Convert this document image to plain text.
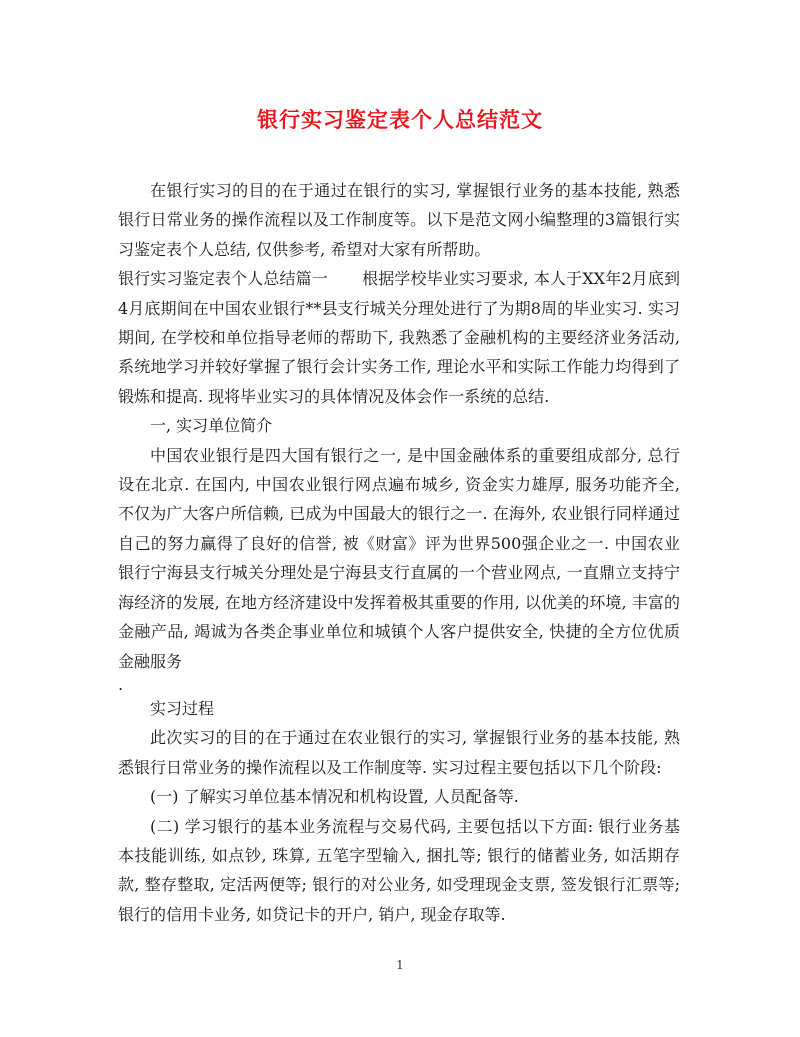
银行实习鉴定表个人总结范文

在银行实习的目的在于通过在银行的实习, 掌握银行业务的基本技能, 熟悉银行日常业务的操作流程以及工作制度等。以下是范文网小编整理的3篇银行实习鉴定表个人总结, 仅供参考, 希望对大家有所帮助。

银行实习鉴定表个人总结篇一 根据学校毕业实习要求, 本人于XX年2月底到4月底期间在中国农业银行**县支行城关分理处进行了为期8周的毕业实习. 实习期间, 在学校和单位指导老师的帮助下, 我熟悉了金融机构的主要经济业务活动, 系统地学习并较好掌握了银行会计实务工作, 理论水平和实际工作能力均得到了锻炼和提高. 现将毕业实习的具体情况及体会作一系统的总结.

一, 实习单位简介

中国农业银行是四大国有银行之一, 是中国金融体系的重要组成部分, 总行设在北京. 在国内, 中国农业银行网点遍布城乡, 资金实力雄厚, 服务功能齐全, 不仅为广大客户所信赖, 已成为中国最大的银行之一. 在海外, 农业银行同样通过自己的努力赢得了良好的信誉, 被《财富》评为世界500强企业之一. 中国农业银行宁海县支行城关分理处是宁海县支行直属的一个营业网点, 一直鼎立支持宁海经济的发展, 在地方经济建设中发挥着极其重要的作用, 以优美的环境, 丰富的金融产品, 竭诚为各类企事业单位和城镇个人客户提供安全, 快捷的全方位优质金融服务

.

实习过程

此次实习的目的在于通过在农业银行的实习, 掌握银行业务的基本技能, 熟悉银行日常业务的操作流程以及工作制度等. 实习过程主要包括以下几个阶段:

(一) 了解实习单位基本情况和机构设置, 人员配备等.

(二) 学习银行的基本业务流程与交易代码, 主要包括以下方面: 银行业务基本技能训练, 如点钞, 珠算, 五笔字型输入, 捆扎等; 银行的储蓄业务, 如活期存款, 整存整取, 定活两便等; 银行的对公业务, 如受理现金支票, 签发银行汇票等; 银行的信用卡业务, 如贷记卡的开户, 销户, 现金存取等.

1
